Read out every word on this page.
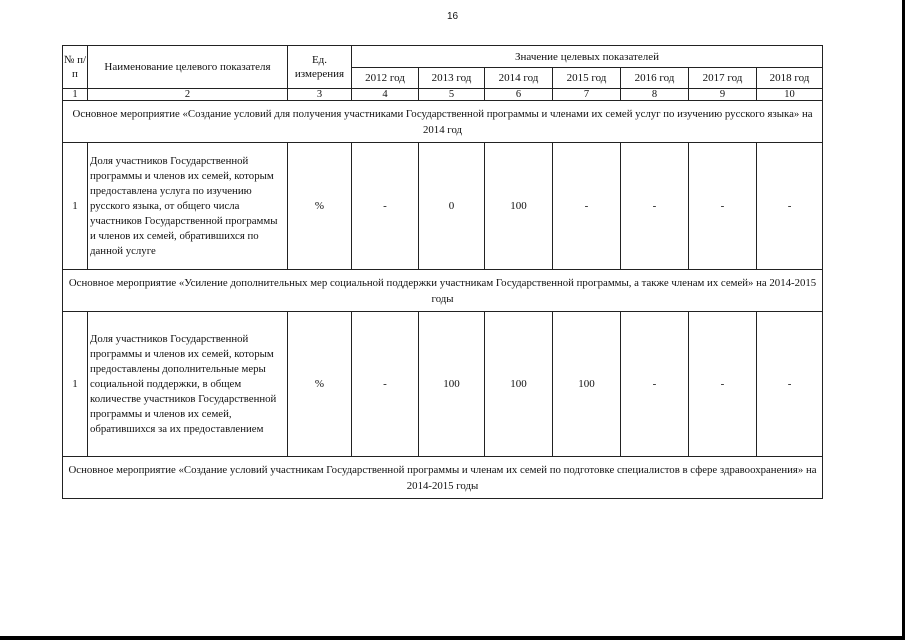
16
№ п/п	Наименование целевого показателя	Ед. измерения	Значение целевых показателей						
			2012 год	2013 год	2014 год	2015 год	2016 год	2017 год	2018 год
1	2	3	4	5	6	7	8	9	10
Основное мероприятие «Создание условий для получения участниками Государственной программы и членами их семей услуг по изучению русского языка» на 2014 год									
1	Доля участников Государственной программы и членов их семей, которым предоставлена услуга по изучению русского языка, от общего числа участников Государственной программы и членов их семей, обратившихся по данной услуге	%	-	0	100	-	-	-	-
Основное мероприятие «Усиление дополнительных мер социальной поддержки участникам Государственной программы, а также членам их семей» на 2014-2015 годы									
1	Доля участников Государственной программы и членов их семей, которым предоставлены дополнительные меры социальной поддержки, в общем количестве участников Государственной программы и членов их семей, обратившихся за их предоставлением	%	-	100	100	100	-	-	-
Основное мероприятие «Создание условий участникам Государственной программы и членам их семей по подготовке специалистов в сфере здравоохранения» на 2014-2015 годы									
